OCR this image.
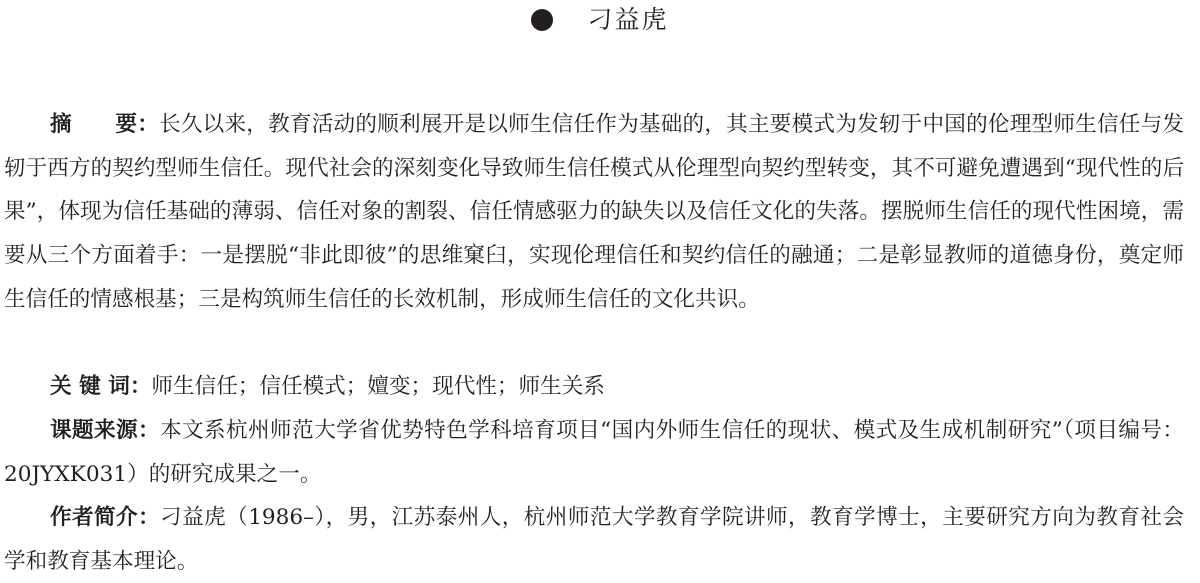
刁益虎

摘　　要：长久以来，教育活动的顺利展开是以师生信任作为基础的，其主要模式为发轫于中国的伦理型师生信任与发轫于西方的契约型师生信任。现代社会的深刻变化导致师生信任模式从伦理型向契约型转变，其不可避免遭遇到“现代性的后果”，体现为信任基础的薄弱、信任对象的割裂、信任情感驱力的缺失以及信任文化的失落。摆脱师生信任的现代性困境，需要从三个方面着手：一是摆脱“非此即彼”的思维窠臼，实现伦理信任和契约信任的融通；二是彰显教师的道德身份，奠定师生信任的情感根基；三是构筑师生信任的长效机制，形成师生信任的文化共识。

关 键 词：师生信任；信任模式；嬗变；现代性；师生关系

课题来源：本文系杭州师范大学省优势特色学科培育项目“国内外师生信任的现状、模式及生成机制研究”（项目编号：20JYXK031）的研究成果之一。

作者简介：刁益虎（1986–），男，江苏泰州人，杭州师范大学教育学院讲师，教育学博士，主要研究方向为教育社会学和教育基本理论。
